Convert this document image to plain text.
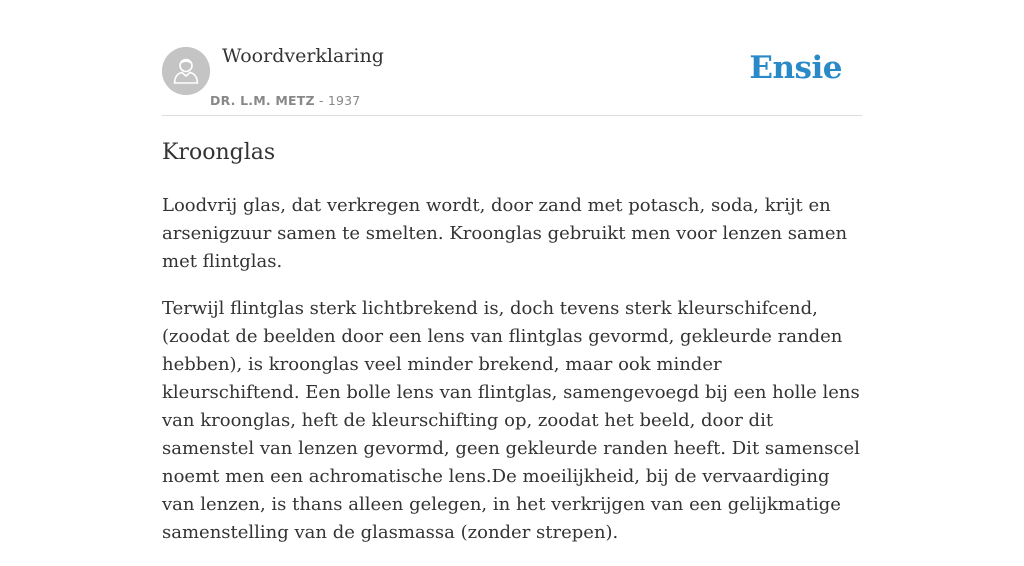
Woordverklaring
DR. L.M. METZ - 1937
Ensie
Kroonglas

Loodvrij glas, dat verkregen wordt, door zand met potasch, soda, krijt en arsenigzuur samen te smelten. Kroonglas gebruikt men voor lenzen samen met flintglas.

Terwijl flintglas sterk lichtbrekend is, doch tevens sterk kleurschifcend, (zoodat de beelden door een lens van flintglas gevormd, gekleurde randen hebben), is kroonglas veel minder brekend, maar ook minder kleurschiftend. Een bolle lens van flintglas, samengevoegd bij een holle lens van kroonglas, heft de kleurschifting op, zoodat het beeld, door dit samenstel van lenzen gevormd, geen gekleurde randen heeft. Dit samenscel noemt men een achromatische lens.De moeilijkheid, bij de vervaardiging van lenzen, is thans alleen gelegen, in het verkrijgen van een gelijkmatige samenstelling van de glasmassa (zonder strepen).
